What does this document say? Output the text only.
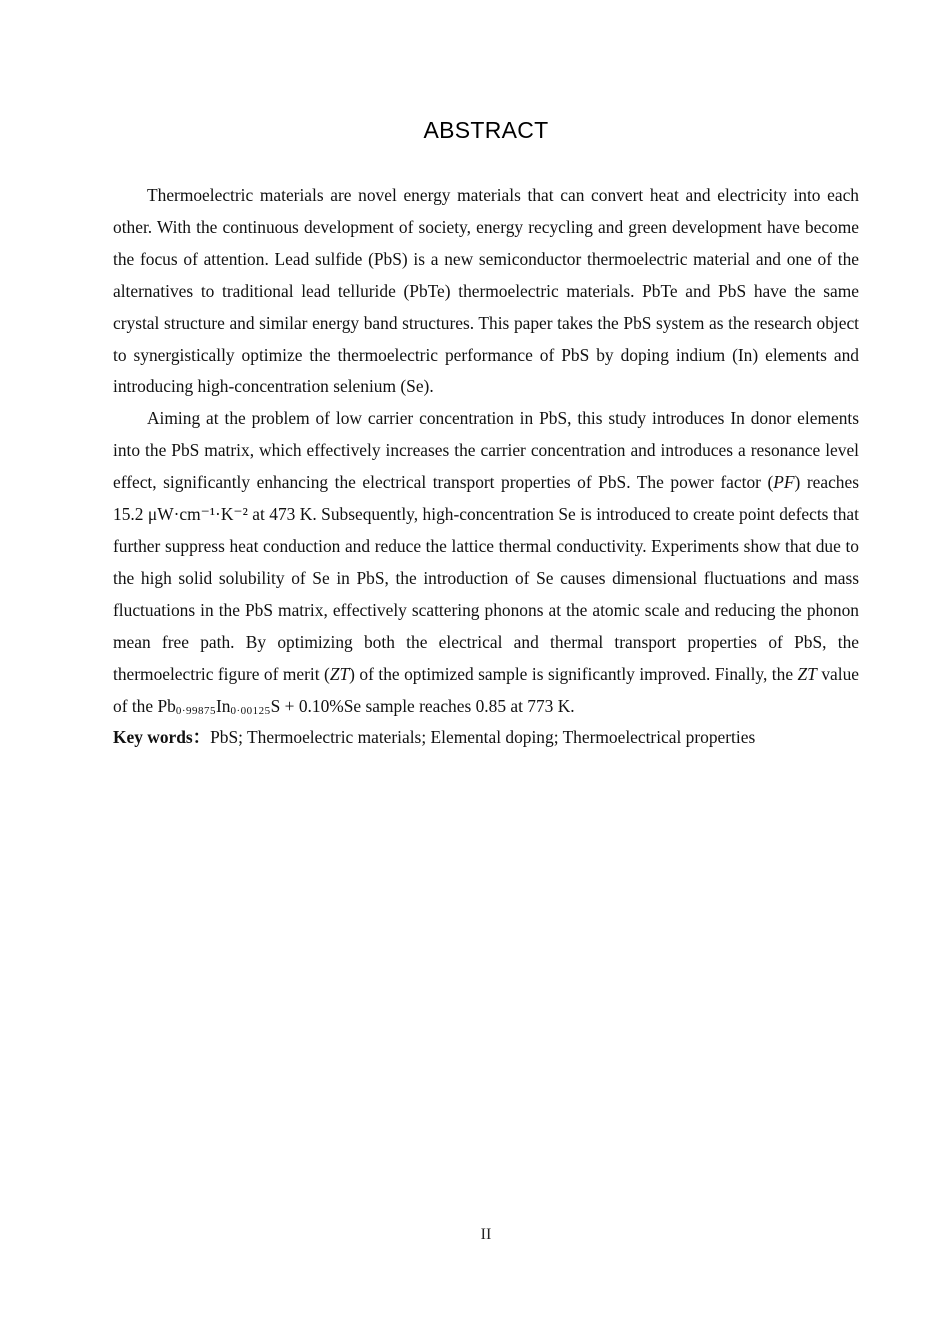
ABSTRACT

Thermoelectric materials are novel energy materials that can convert heat and electricity into each other. With the continuous development of society, energy recycling and green development have become the focus of attention. Lead sulfide (PbS) is a new semiconductor thermoelectric material and one of the alternatives to traditional lead telluride (PbTe) thermoelectric materials. PbTe and PbS have the same crystal structure and similar energy band structures. This paper takes the PbS system as the research object to synergistically optimize the thermoelectric performance of PbS by doping indium (In) elements and introducing high-concentration selenium (Se).

Aiming at the problem of low carrier concentration in PbS, this study introduces In donor elements into the PbS matrix, which effectively increases the carrier concentration and introduces a resonance level effect, significantly enhancing the electrical transport properties of PbS. The power factor (PF) reaches 15.2 μW·cm⁻¹·K⁻² at 473 K. Subsequently, high-concentration Se is introduced to create point defects that further suppress heat conduction and reduce the lattice thermal conductivity. Experiments show that due to the high solid solubility of Se in PbS, the introduction of Se causes dimensional fluctuations and mass fluctuations in the PbS matrix, effectively scattering phonons at the atomic scale and reducing the phonon mean free path. By optimizing both the electrical and thermal transport properties of PbS, the thermoelectric figure of merit (ZT) of the optimized sample is significantly improved. Finally, the ZT value of the $Pb_{0\cdot 99875}In_{0\cdot 00125}S + 0.10\%Se$ sample reaches 0.85 at 773 K.

Key words：PbS; Thermoelectric materials; Elemental doping; Thermoelectrical properties

II
